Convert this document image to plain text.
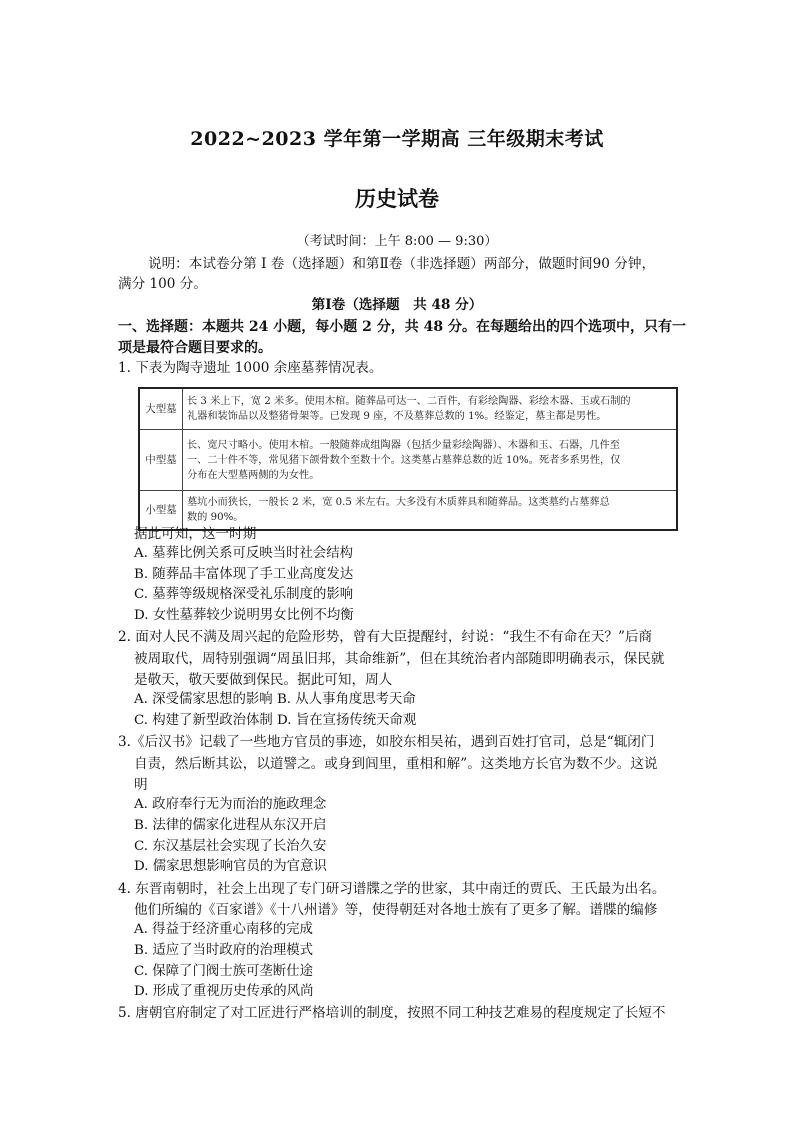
2022~2023 学年第一学期高 三年级期末考试
历史试卷
（考试时间：上午 8:00 — 9:30）
说明：本试卷分第 I 卷（选择题）和第Ⅱ卷（非选择题）两部分，做题时间90 分钟，
满分 100 分。
第Ⅰ卷（选择题　共 48 分）
一、选择题：本题共 24 小题，每小题 2 分，共 48 分。在每题给出的四个选项中，只有一
项是最符合题目要求的。
1. 下表为陶寺遗址 1000 余座墓葬情况表。
大型墓	长 3 米上下，宽 2 米多。使用木棺。随葬品可达一、二百件，有彩绘陶器、彩绘木器、玉或石制的
礼器和装饰品以及整猪骨架等。已发现 9 座，不及墓葬总数的 1%。经鉴定，墓主都是男性。

中型墓	长、宽尺寸略小。使用木棺。一般随葬成组陶器（包括少量彩绘陶器）、木器和玉、石器，几件至
一、二十件不等，常见猪下颌骨数个至数十个。这类墓占墓葬总数的近 10%。死者多系男性，仅
分布在大型墓两侧的为女性。

小型墓	墓坑小而狭长，一般长 2 米，宽 0.5 米左右。大多没有木质葬具和随葬品。这类墓约占墓葬总
数的 90%。
据此可知，这一时期
A. 墓葬比例关系可反映当时社会结构
B. 随葬品丰富体现了手工业高度发达
C. 墓葬等级规格深受礼乐制度的影响
D. 女性墓葬较少说明男女比例不均衡
2. 面对人民不满及周兴起的危险形势，曾有大臣提醒纣，纣说：“我生不有命在天？”后商
被周取代，周特别强调“周虽旧邦，其命维新”，但在其统治者内部随即明确表示，保民就
是敬天，敬天要做到保民。据此可知，周人
A. 深受儒家思想的影响 B. 从人事角度思考天命
C. 构建了新型政治体制 D. 旨在宣扬传统天命观
3.《后汉书》记载了一些地方官员的事迹，如胶东相吴祐，遇到百姓打官司，总是“辄闭门
自责，然后断其讼，以道譬之。或身到闾里，重相和解”。这类地方长官为数不少。这说
明
A. 政府奉行无为而治的施政理念
B. 法律的儒家化进程从东汉开启
C. 东汉基层社会实现了长治久安
D. 儒家思想影响官员的为官意识
4. 东晋南朝时，社会上出现了专门研习谱牒之学的世家，其中南迁的贾氏、王氏最为出名。
他们所编的《百家谱》《十八州谱》等，使得朝廷对各地士族有了更多了解。谱牒的编修
A. 得益于经济重心南移的完成
B. 适应了当时政府的治理模式
C. 保障了门阀士族可垄断仕途
D. 形成了重视历史传承的风尚
5. 唐朝官府制定了对工匠进行严格培训的制度，按照不同工种技艺难易的程度规定了长短不
